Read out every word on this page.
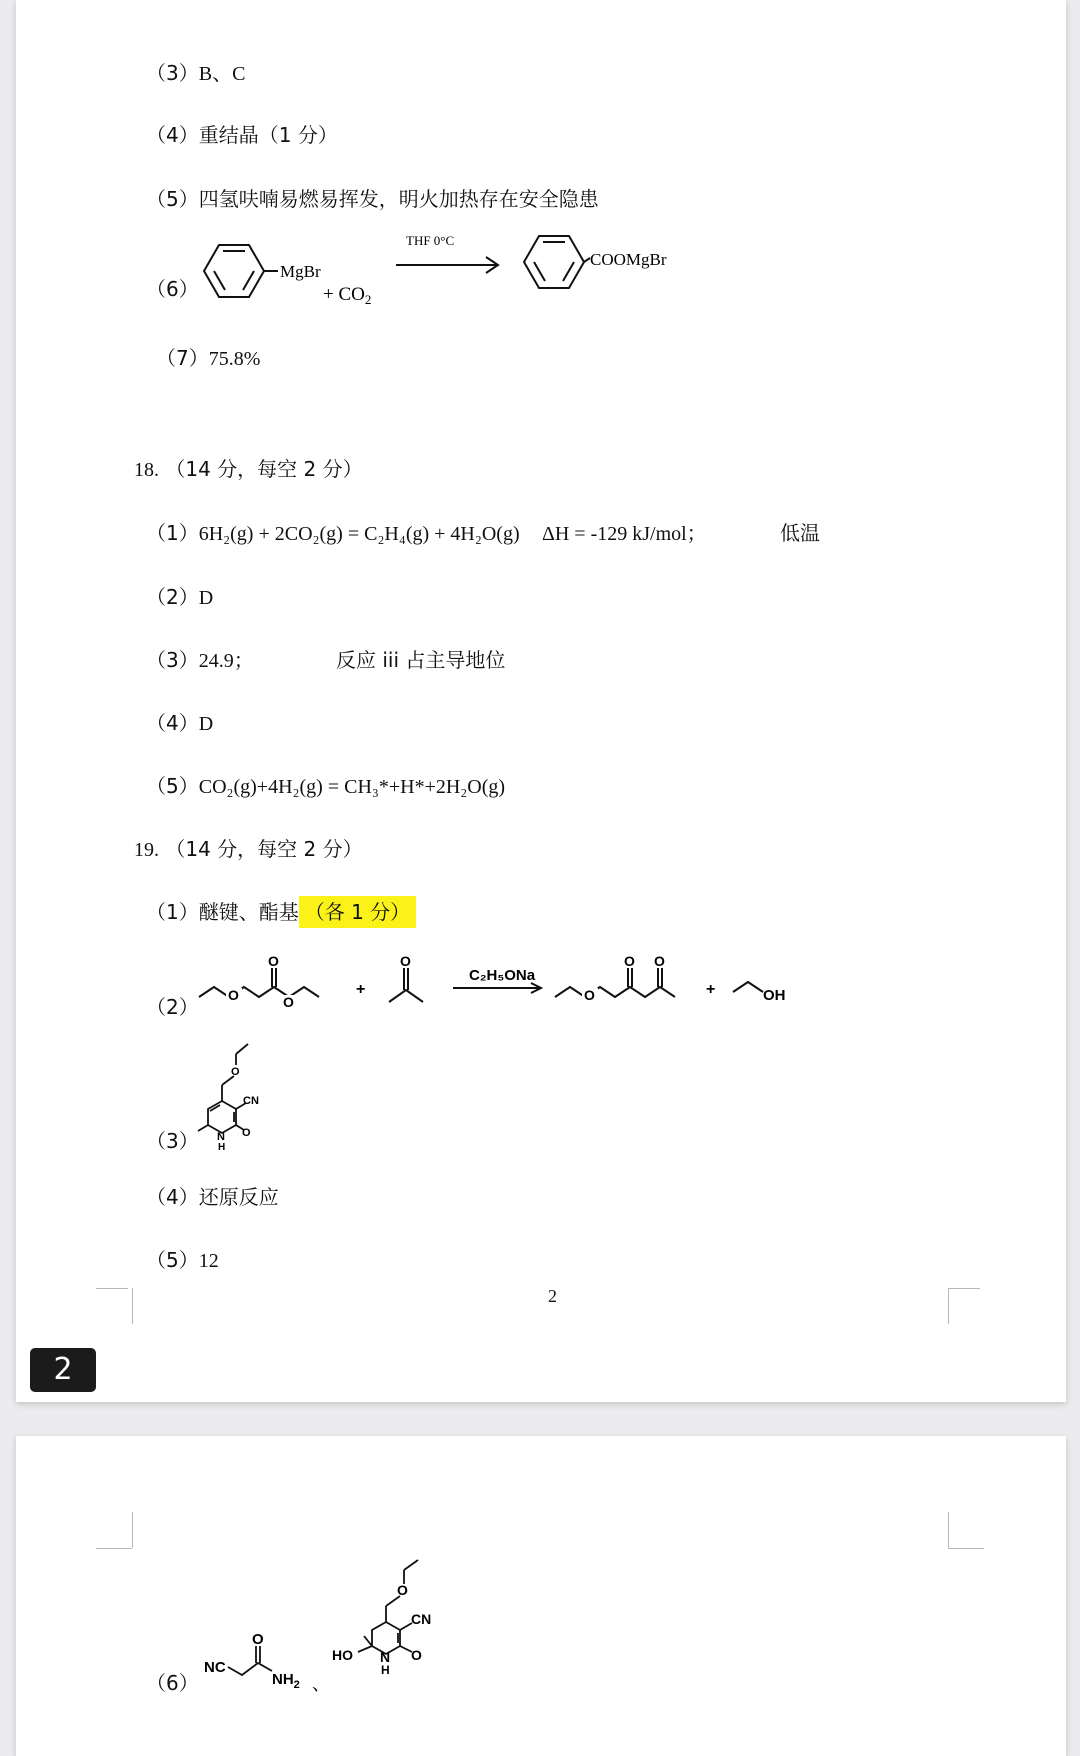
（3）B、C
（4）重结晶（1 分）
（5）四氢呋喃易燃易挥发，明火加热存在安全隐患
（6）
MgBr
+ $CO_2$
THF 0°C
COOMgBr
（7）75.8%
18. （14 分，每空 2 分）
（1）6H₂(g) + 2CO₂(g) = C₂H₄(g) + 4H₂O(g) ΔH = -129 kJ/mol；	低温
（2）D
（3）24.9；	反应 iii 占主导地位
（4）D
（5）CO₂(g)+4H₂(g) = CH₃*+H*+2H₂O(g)
19. （14 分，每空 2 分）
（1）醚键、酯基 （各 1 分）
（2） O
O
O
+
O
C₂H₅ONa
O
O O
+	OH
（3）
O
CN
O
N
H
（4）还原反应
（5）12
2
2
（6）
NC
O
$NH_2$ 、
O
CN
O
N
H
HO
